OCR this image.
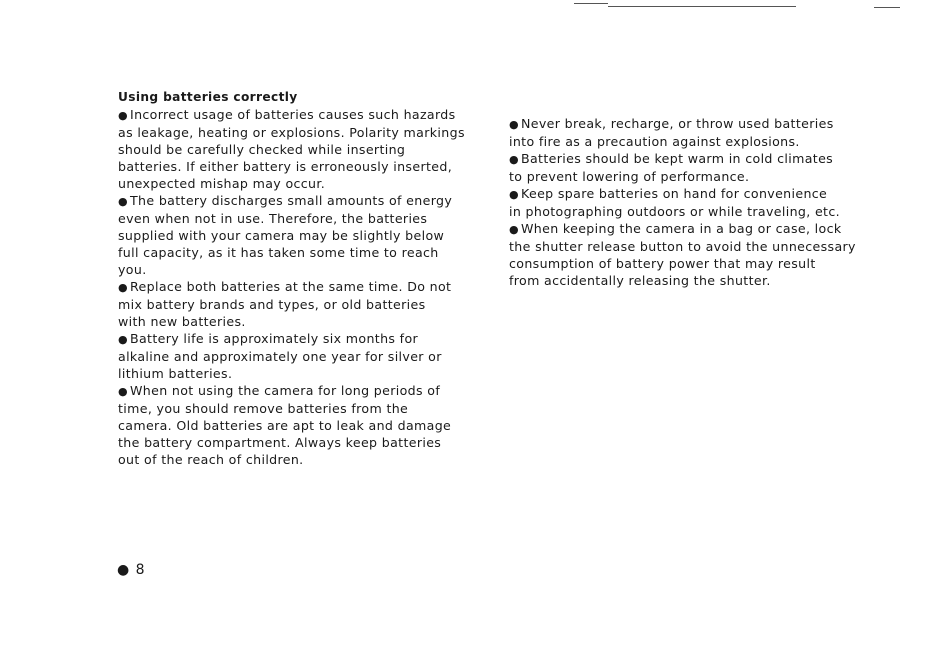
Using batteries correctly

● Incorrect usage of batteries causes such hazards
as leakage, heating or explosions. Polarity markings
should be carefully checked while inserting
batteries. If either battery is erroneously inserted,
unexpected mishap may occur.
● The battery discharges small amounts of energy
even when not in use. Therefore, the batteries
supplied with your camera may be slightly below
full capacity, as it has taken some time to reach
you.
● Replace both batteries at the same time. Do not
mix battery brands and types, or old batteries
with new batteries.
● Battery life is approximately six months for
alkaline and approximately one year for silver or
lithium batteries.
● When not using the camera for long periods of
time, you should remove batteries from the
camera. Old batteries are apt to leak and damage
the battery compartment. Always keep batteries
out of the reach of children.
● Never break, recharge, or throw used batteries
into fire as a precaution against explosions.
● Batteries should be kept warm in cold climates
to prevent lowering of performance.
● Keep spare batteries on hand for convenience
in photographing outdoors or while traveling, etc.
● When keeping the camera in a bag or case, lock
the shutter release button to avoid the unnecessary
consumption of battery power that may result
from accidentally releasing the shutter.
● 8
